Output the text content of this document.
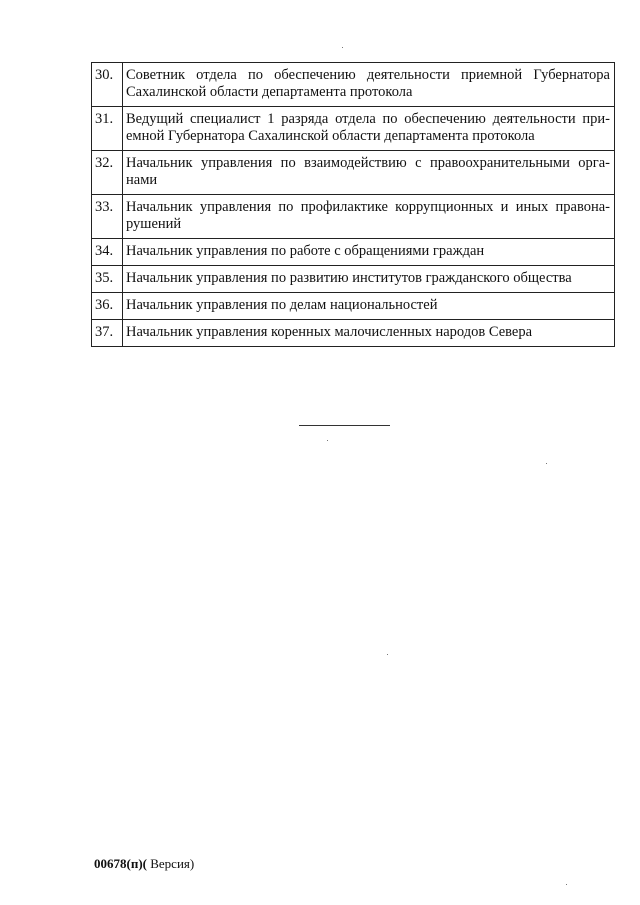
30.	Советник отдела по обеспечению деятельности приемной Губернатора Сахалинской области департамента протокола
31.	Ведущий специалист 1 разряда отдела по обеспечению деятельности при-емной Губернатора Сахалинской области департамента протокола
32.	Начальник управления по взаимодействию с правоохранительными орга-нами
33.	Начальник управления по профилактике коррупционных и иных правона-рушений
34.	Начальник управления по работе с обращениями граждан
35.	Начальник управления по развитию институтов гражданского общества
36.	Начальник управления по делам национальностей
37.	Начальник управления коренных малочисленных народов Севера
00678(п)( Версия)
